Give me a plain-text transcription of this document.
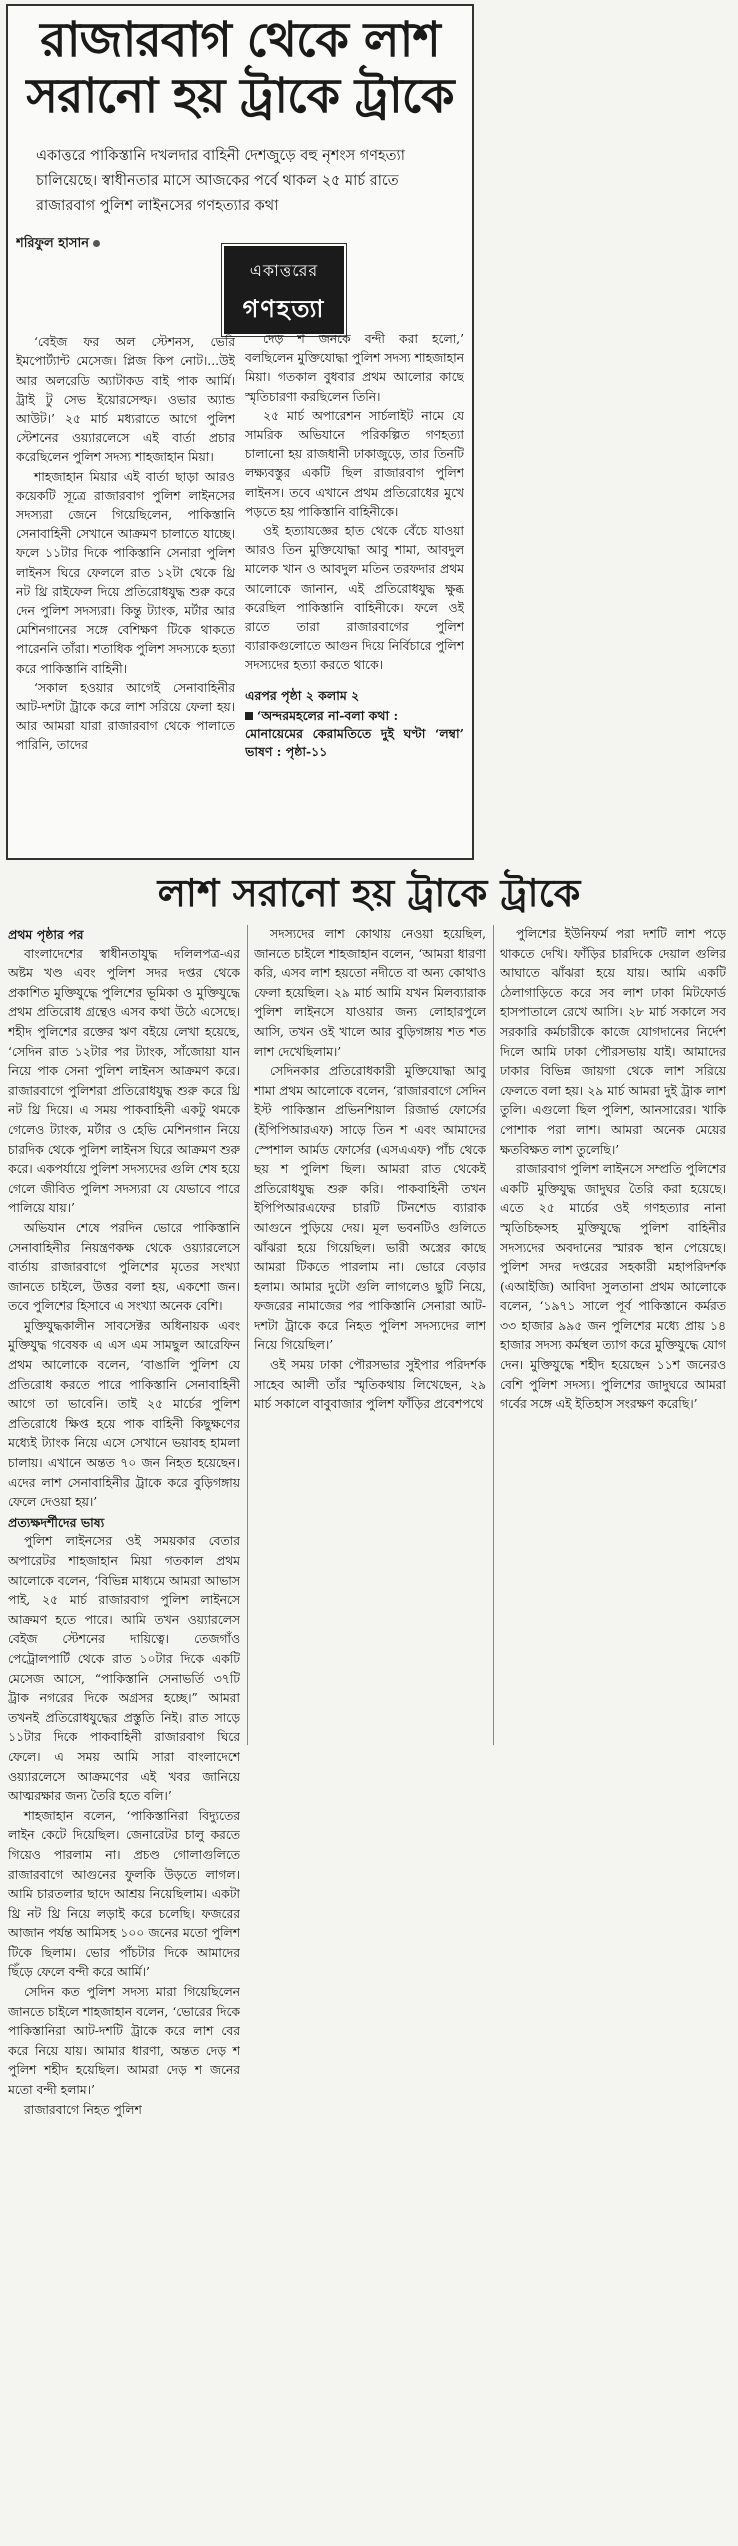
রাজারবাগ থেকে লাশ সরানো হয় ট্রাকে ট্রাকে
একাত্তরে পাকিস্তানি দখলদার বাহিনী দেশজুড়ে বহু নৃশংস গণহত্যা চালিয়েছে। স্বাধীনতার মাসে আজকের পর্বে থাকল ২৫ মার্চ রাতে রাজারবাগ পুলিশ লাইনসের গণহত্যার কথা
একাত্তরের
গণহত্যা
শরিফুল হাসান

‘বেইজ ফর অল স্টেশনস, ভেরি ইমপোর্ট্যান্ট মেসেজ। প্লিজ কিপ নোট।...উই আর অলরেডি অ্যাটাকড বাই পাক আর্মি। ট্রাই টু সেভ ইয়োরসেল্ফ। ওভার অ্যান্ড আউট।’ ২৫ মার্চ মধ্যরাতে আগে পুলিশ স্টেশনের ওয়্যারলেসে এই বার্তা প্রচার করেছিলেন পুলিশ সদস্য শাহজাহান মিয়া।

শাহজাহান মিয়ার এই বার্তা ছাড়া আরও কয়েকটি সূত্রে রাজারবাগ পুলিশ লাইনসের সদস্যরা জেনে গিয়েছিলেন, পাকিস্তানি সেনাবাহিনী সেখানে আক্রমণ চালাতে যাচ্ছে। ফলে ১১টার দিকে পাকিস্তানি সেনারা পুলিশ লাইনস ঘিরে ফেললে রাত ১২টা থেকে থ্রি নট থ্রি রাইফেল দিয়ে প্রতিরোধযুদ্ধ শুরু করে দেন পুলিশ সদস্যরা। কিন্তু ট্যাংক, মর্টার আর মেশিনগানের সঙ্গে বেশিক্ষণ টিকে থাকতে পারেননি তাঁরা। শতাধিক পুলিশ সদস্যকে হত্যা করে পাকিস্তানি বাহিনী।

‘সকাল হওয়ার আগেই সেনাবাহিনীর আট-দশটা ট্রাকে করে লাশ সরিয়ে ফেলা হয়। আর আমরা যারা রাজারবাগ থেকে পালাতে পারিনি, তাদের

দেড় শ জনকে বন্দী করা হলো,’ বলছিলেন মুক্তিযোদ্ধা পুলিশ সদস্য শাহজাহান মিয়া। গতকাল বুধবার প্রথম আলোর কাছে স্মৃতিচারণা করছিলেন তিনি।

২৫ মার্চ অপারেশন সার্চলাইট নামে যে সামরিক অভিযানে পরিকল্পিত গণহত্যা চালানো হয় রাজধানী ঢাকাজুড়ে, তার তিনটি লক্ষ্যবস্তুর একটি ছিল রাজারবাগ পুলিশ লাইনস। তবে এখানে প্রথম প্রতিরোধের মুখে পড়তে হয় পাকিস্তানি বাহিনীকে।

ওই হত্যাযজ্ঞের হাত থেকে বেঁচে যাওয়া আরও তিন মুক্তিযোদ্ধা আবু শামা, আবদুল মালেক খান ও আবদুল মতিন তরফদার প্রথম আলোকে জানান, এই প্রতিরোধযুদ্ধ ক্ষুব্ধ করেছিল পাকিস্তানি বাহিনীকে। ফলে ওই রাতে তারা রাজারবাগের পুলিশ ব্যারাকগুলোতে আগুন দিয়ে নির্বিচারে পুলিশ সদস্যদের হত্যা করতে থাকে।

এরপর পৃষ্ঠা ২ কলাম ২
‘অন্দরমহলের না-বলা কথা :
মোনায়েমের কেরামতিতে দুই ঘণ্টা ‘লম্বা’ ভাষণ : পৃষ্ঠা-১১
লাশ সরানো হয় ট্রাকে ট্রাকে

প্রথম পৃষ্ঠার পর

বাংলাদেশের স্বাধীনতাযুদ্ধ দলিলপত্র-এর অষ্টম খণ্ড এবং পুলিশ সদর দপ্তর থেকে প্রকাশিত মুক্তিযুদ্ধে পুলিশের ভূমিকা ও মুক্তিযুদ্ধে প্রথম প্রতিরোধ গ্রন্থেও এসব কথা উঠে এসেছে। শহীদ পুলিশের রক্তের ঋণ বইয়ে লেখা হয়েছে, ‘সেদিন রাত ১২টার পর ট্যাংক, সাঁজোয়া যান নিয়ে পাক সেনা পুলিশ লাইনস আক্রমণ করে। রাজারবাগে পুলিশরা প্রতিরোধযুদ্ধ শুরু করে থ্রি নট থ্রি দিয়ে। এ সময় পাকবাহিনী একটু থমকে গেলেও ট্যাংক, মর্টার ও হেভি মেশিনগান নিয়ে চারদিক থেকে পুলিশ লাইনস ঘিরে আক্রমণ শুরু করে। একপর্যায়ে পুলিশ সদস্যদের গুলি শেষ হয়ে গেলে জীবিত পুলিশ সদস্যরা যে যেভাবে পারে পালিয়ে যায়।’

অভিযান শেষে পরদিন ভোরে পাকিস্তানি সেনাবাহিনীর নিয়ন্ত্রণকক্ষ থেকে ওয়্যারলেসে বার্তায় রাজারবাগে পুলিশের মৃতের সংখ্যা জানতে চাইলে, উত্তর বলা হয়, একশো জন। তবে পুলিশের হিসাবে এ সংখ্যা অনেক বেশি।

মুক্তিযুদ্ধকালীন সাবসেক্টর অধিনায়ক এবং মুক্তিযুদ্ধ গবেষক এ এস এম সামছুল আরেফিন প্রথম আলোকে বলেন, ‘বাঙালি পুলিশ যে প্রতিরোধ করতে পারে পাকিস্তানি সেনাবাহিনী আগে তা ভাবেনি। তাই ২৫ মার্চের পুলিশ প্রতিরোধে ক্ষিপ্ত হয়ে পাক বাহিনী কিছুক্ষণের মধ্যেই ট্যাংক নিয়ে এসে সেখানে ভয়াবহ হামলা চালায়। এখানে অন্তত ৭০ জন নিহত হয়েছেন। এদের লাশ সেনাবাহিনীর ট্রাকে করে বুড়িগঙ্গায় ফেলে দেওয়া হয়।’

প্রত্যক্ষদর্শীদের ভাষ্য

পুলিশ লাইনসের ওই সময়কার বেতার অপারেটর শাহজাহান মিয়া গতকাল প্রথম আলোকে বলেন, ‘বিভিন্ন মাধ্যমে আমরা আভাস পাই, ২৫ মার্চ রাজারবাগ পুলিশ লাইনসে আক্রমণ হতে পারে। আমি তখন ওয়্যারলেস বেইজ স্টেশনের দায়িত্বে। তেজগাঁও পেট্রোলপার্টি থেকে রাত ১০টার দিকে একটি মেসেজ আসে, “পাকিস্তানি সেনাভর্তি ৩৭টি ট্রাক নগরের দিকে অগ্রসর হচ্ছে।” আমরা তখনই প্রতিরোধযুদ্ধের প্রস্তুতি নিই। রাত সাড়ে ১১টার দিকে পাকবাহিনী রাজারবাগ ঘিরে ফেলে। এ সময় আমি সারা বাংলাদেশে ওয়্যারলেসে আক্রমণের এই খবর জানিয়ে আত্মরক্ষার জন্য তৈরি হতে বলি।’

শাহজাহান বলেন, ‘পাকিস্তানিরা বিদ্যুতের লাইন কেটে দিয়েছিল। জেনারেটর চালু করতে গিয়েও পারলাম না। প্রচণ্ড গোলাগুলিতে রাজারবাগে আগুনের ফুলকি উড়তে লাগল। আমি চারতলার ছাদে আশ্রয় নিয়েছিলাম। একটা থ্রি নট থ্রি নিয়ে লড়াই করে চলেছি। ফজরের আজান পর্যন্ত আমিসহ ১০০ জনের মতো পুলিশ টিকে ছিলাম। ভোর পাঁচটার দিকে আমাদের ছিঁড়ে ফেলে বন্দী করে আর্মি।’

সেদিন কত পুলিশ সদস্য মারা গিয়েছিলেন জানতে চাইলে শাহজাহান বলেন, ‘ভোরের দিকে পাকিস্তানিরা আট-দশটি ট্রাকে করে লাশ বের করে নিয়ে যায়। আমার ধারণা, অন্তত দেড় শ পুলিশ শহীদ হয়েছিল। আমরা দেড় শ জনের মতো বন্দী হলাম।’

রাজারবাগে নিহত পুলিশ

সদস্যদের লাশ কোথায় নেওয়া হয়েছিল, জানতে চাইলে শাহজাহান বলেন, ‘আমরা ধারণা করি, এসব লাশ হয়তো নদীতে বা অন্য কোথাও ফেলা হয়েছিল। ২৯ মার্চ আমি যখন মিলব্যারাক পুলিশ লাইনসে যাওয়ার জন্য লোহারপুলে আসি, তখন ওই খালে আর বুড়িগঙ্গায় শত শত লাশ দেখেছিলাম।’

সেদিনকার প্রতিরোধকারী মুক্তিযোদ্ধা আবু শামা প্রথম আলোকে বলেন, ‘রাজারবাগে সেদিন ইস্ট পাকিস্তান প্রভিনশিয়াল রিজার্ভ ফোর্সের (ইপিপিআরএফ) সাড়ে তিন শ এবং আমাদের স্পেশাল আর্মড ফোর্সের (এসএএফ) পাঁচ থেকে ছয় শ পুলিশ ছিল। আমরা রাত থেকেই প্রতিরোধযুদ্ধ শুরু করি। পাকবাহিনী তখন ইপিপিআরএফের চারটি টিনশেড ব্যারাক আগুনে পুড়িয়ে দেয়। মূল ভবনটিও গুলিতে ঝাঁঝরা হয়ে গিয়েছিল। ভারী অস্ত্রের কাছে আমরা টিকতে পারলাম না। ভোরে বেড়ার হলাম। আমার দুটো গুলি লাগলেও ছুটি নিয়ে, ফজরের নামাজের পর পাকিস্তানি সেনারা আট-দশটা ট্রাকে করে নিহত পুলিশ সদস্যদের লাশ নিয়ে গিয়েছিল।’

ওই সময় ঢাকা পৌরসভার সুইপার পরিদর্শক সাহেব আলী তাঁর স্মৃতিকথায় লিখেছেন, ২৯ মার্চ সকালে বাবুবাজার পুলিশ ফাঁড়ির প্রবেশপথে

পুলিশের ইউনিফর্ম পরা দশটি লাশ পড়ে থাকতে দেখি। ফাঁড়ির চারদিকে দেয়াল গুলির আঘাতে ঝাঁঝরা হয়ে যায়। আমি একটি ঠেলাগাড়িতে করে সব লাশ ঢাকা মিটফোর্ড হাসপাতালে রেখে আসি। ২৮ মার্চ সকালে সব সরকারি কর্মচারীকে কাজে যোগদানের নির্দেশ দিলে আমি ঢাকা পৌরসভায় যাই। আমাদের ঢাকার বিভিন্ন জায়গা থেকে লাশ সরিয়ে ফেলতে বলা হয়। ২৯ মার্চ আমরা দুই ট্রাক লাশ তুলি। এগুলো ছিল পুলিশ, আনসারের। খাকি পোশাক পরা লাশ। আমরা অনেক মেয়ের ক্ষতবিক্ষত লাশ তুলেছি।’

রাজারবাগ পুলিশ লাইনসে সম্প্রতি পুলিশের একটি মুক্তিযুদ্ধ জাদুঘর তৈরি করা হয়েছে। এতে ২৫ মার্চের ওই গণহত্যার নানা স্মৃতিচিহ্নসহ মুক্তিযুদ্ধে পুলিশ বাহিনীর সদস্যদের অবদানের স্মারক স্থান পেয়েছে। পুলিশ সদর দপ্তরের সহকারী মহাপরিদর্শক (এআইজি) আবিদা সুলতানা প্রথম আলোকে বলেন, ‘১৯৭১ সালে পূর্ব পাকিস্তানে কর্মরত ৩৩ হাজার ৯৯৫ জন পুলিশের মধ্যে প্রায় ১৪ হাজার সদস্য কর্মস্থল ত্যাগ করে মুক্তিযুদ্ধে যোগ দেন। মুক্তিযুদ্ধে শহীদ হয়েছেন ১১শ জনেরও বেশি পুলিশ সদস্য। পুলিশের জাদুঘরে আমরা গর্বের সঙ্গে এই ইতিহাস সংরক্ষণ করেছি।’
